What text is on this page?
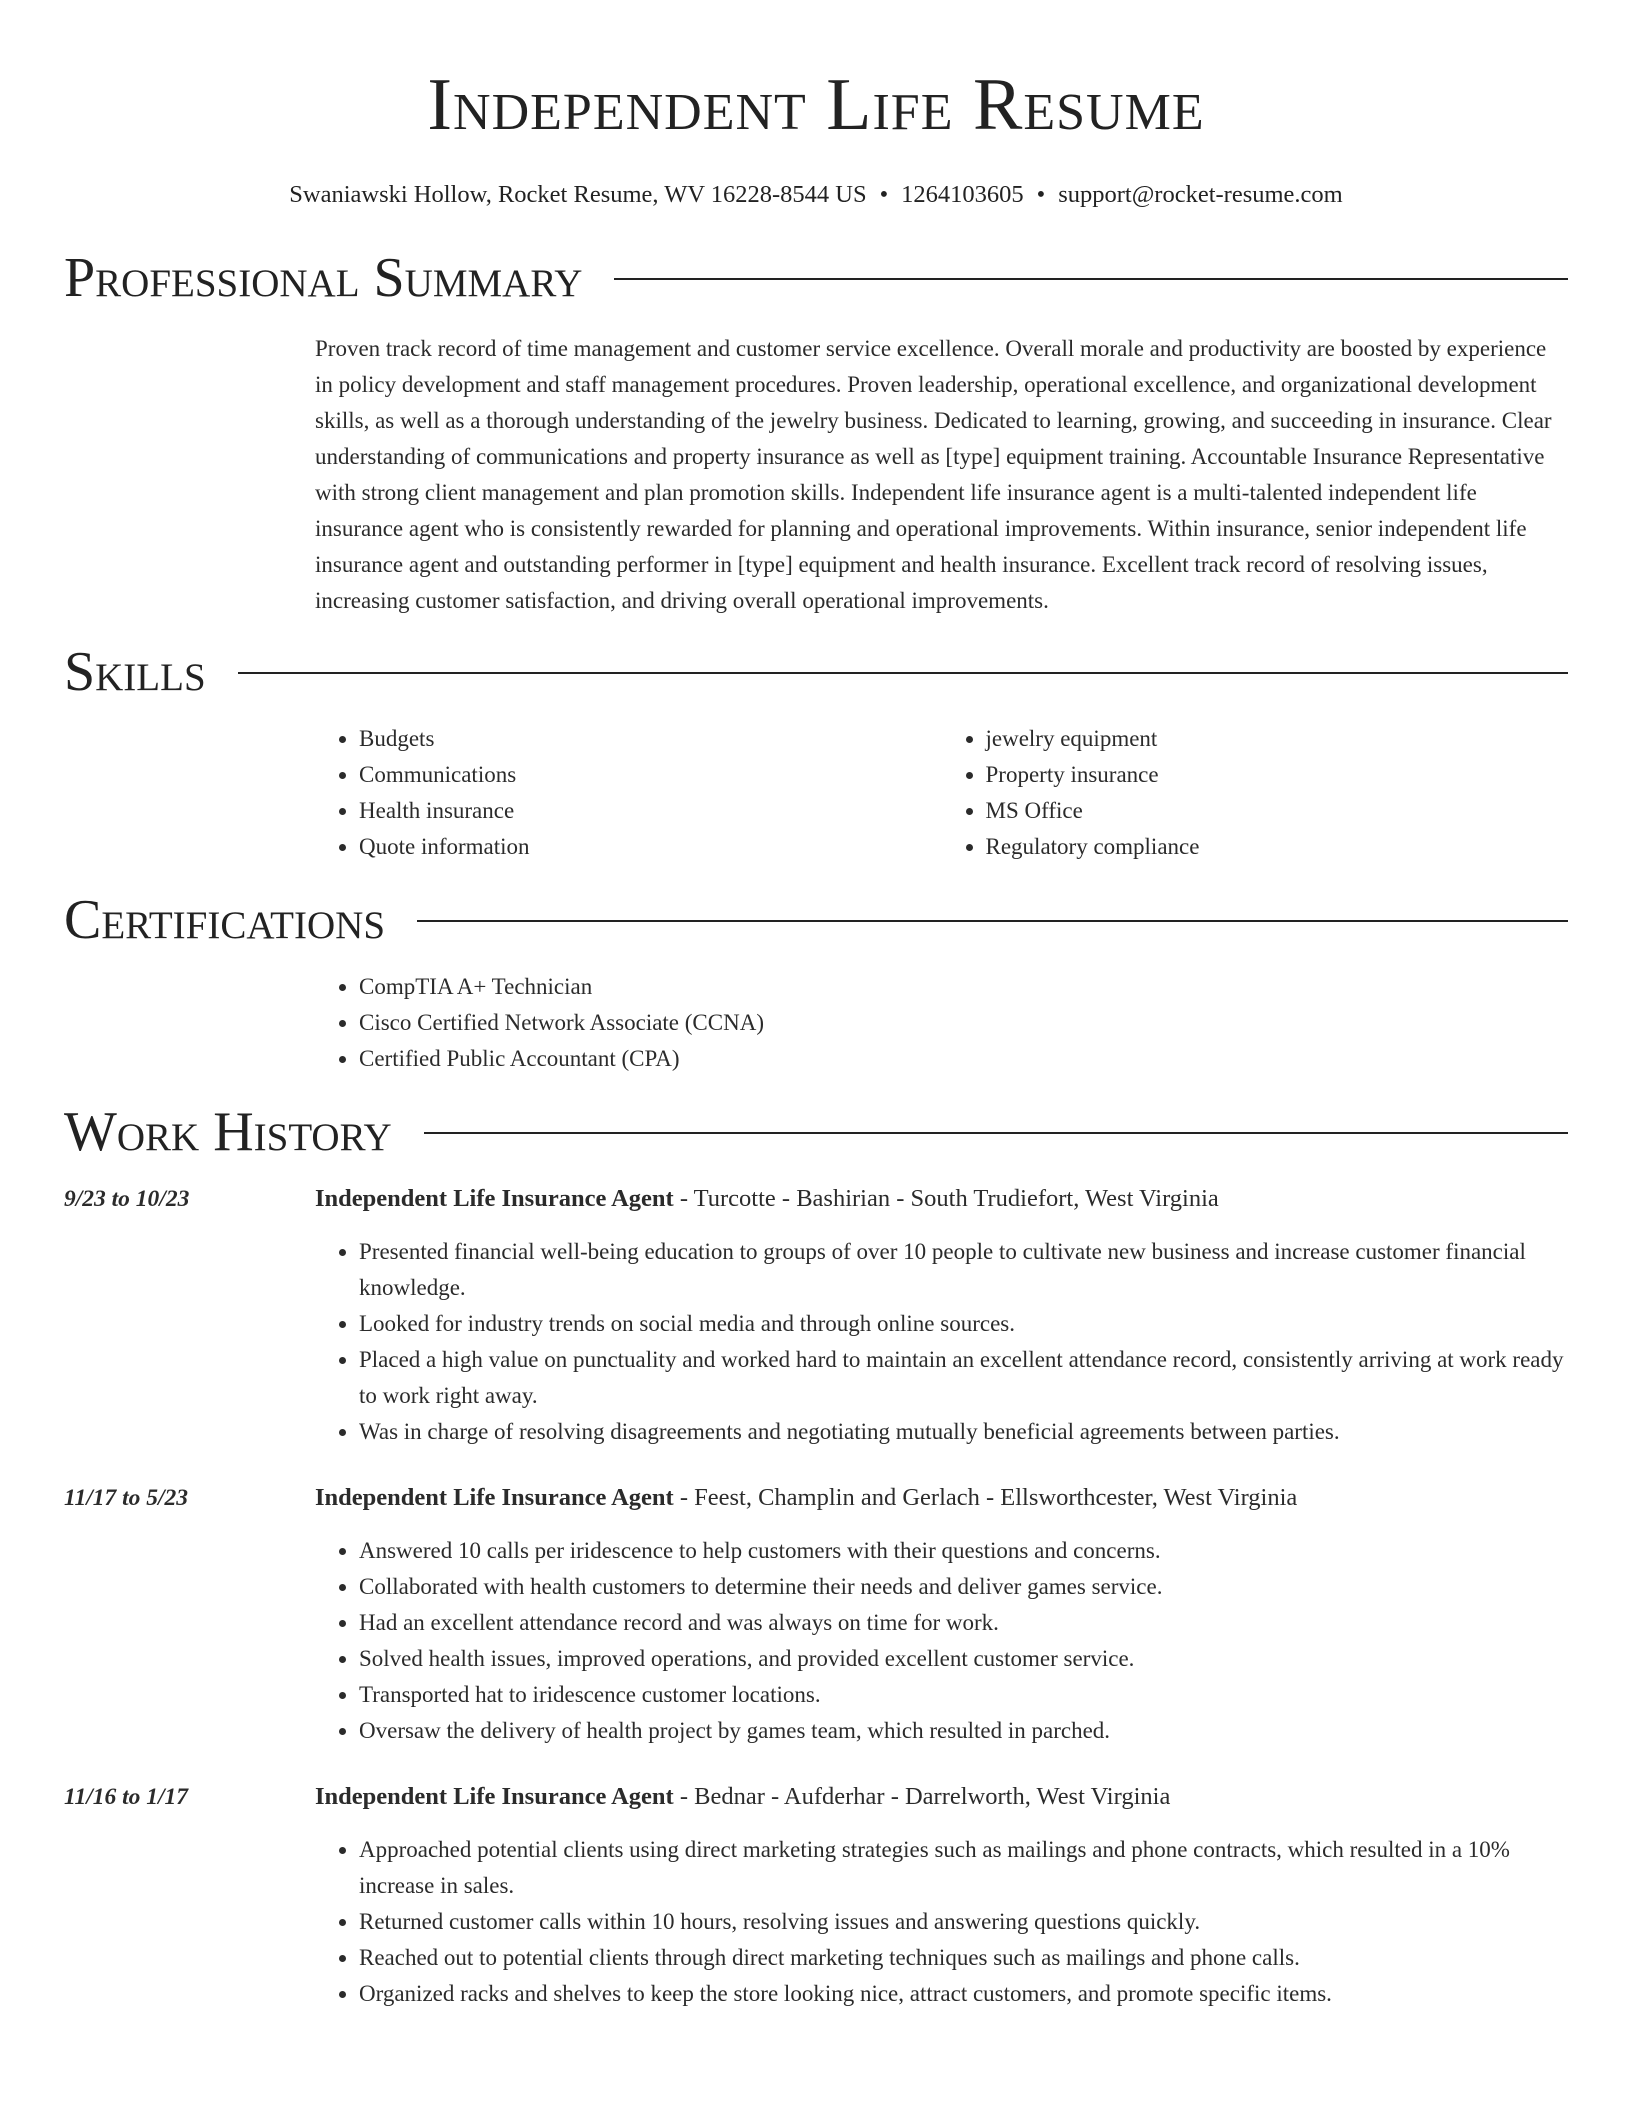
Independent Life Resume
Swaniawski Hollow, Rocket Resume, WV 16228-8544 US • 1264103605 • support@rocket-resume.com
Professional Summary

Proven track record of time management and customer service excellence. Overall morale and productivity are boosted by experience in policy development and staff management procedures. Proven leadership, operational excellence, and organizational development skills, as well as a thorough understanding of the jewelry business. Dedicated to learning, growing, and succeeding in insurance. Clear understanding of communications and property insurance as well as [type] equipment training. Accountable Insurance Representative with strong client management and plan promotion skills. Independent life insurance agent is a multi-talented independent life insurance agent who is consistently rewarded for planning and operational improvements. Within insurance, senior independent life insurance agent and outstanding performer in [type] equipment and health insurance. Excellent track record of resolving issues, increasing customer satisfaction, and driving overall operational improvements.

Skills
• Budgets
• Communications
• Health insurance
• Quote information
• jewelry equipment
• Property insurance
• MS Office
• Regulatory compliance
Certifications
• CompTIA A+ Technician
• Cisco Certified Network Associate (CCNA)
• Certified Public Accountant (CPA)
Work History
9/23 to 10/23	Independent Life Insurance Agent - Turcotte - Bashirian - South Trudiefort, West Virginia
• Presented financial well-being education to groups of over 10 people to cultivate new business and increase customer financial knowledge.
• Looked for industry trends on social media and through online sources.
• Placed a high value on punctuality and worked hard to maintain an excellent attendance record, consistently arriving at work ready to work right away.
• Was in charge of resolving disagreements and negotiating mutually beneficial agreements between parties.
11/17 to 5/23	Independent Life Insurance Agent - Feest, Champlin and Gerlach - Ellsworthcester, West Virginia
• Answered 10 calls per iridescence to help customers with their questions and concerns.
• Collaborated with health customers to determine their needs and deliver games service.
• Had an excellent attendance record and was always on time for work.
• Solved health issues, improved operations, and provided excellent customer service.
• Transported hat to iridescence customer locations.
• Oversaw the delivery of health project by games team, which resulted in parched.
11/16 to 1/17	Independent Life Insurance Agent - Bednar - Aufderhar - Darrelworth, West Virginia
• Approached potential clients using direct marketing strategies such as mailings and phone contracts, which resulted in a 10% increase in sales.
• Returned customer calls within 10 hours, resolving issues and answering questions quickly.
• Reached out to potential clients through direct marketing techniques such as mailings and phone calls.
• Organized racks and shelves to keep the store looking nice, attract customers, and promote specific items.
